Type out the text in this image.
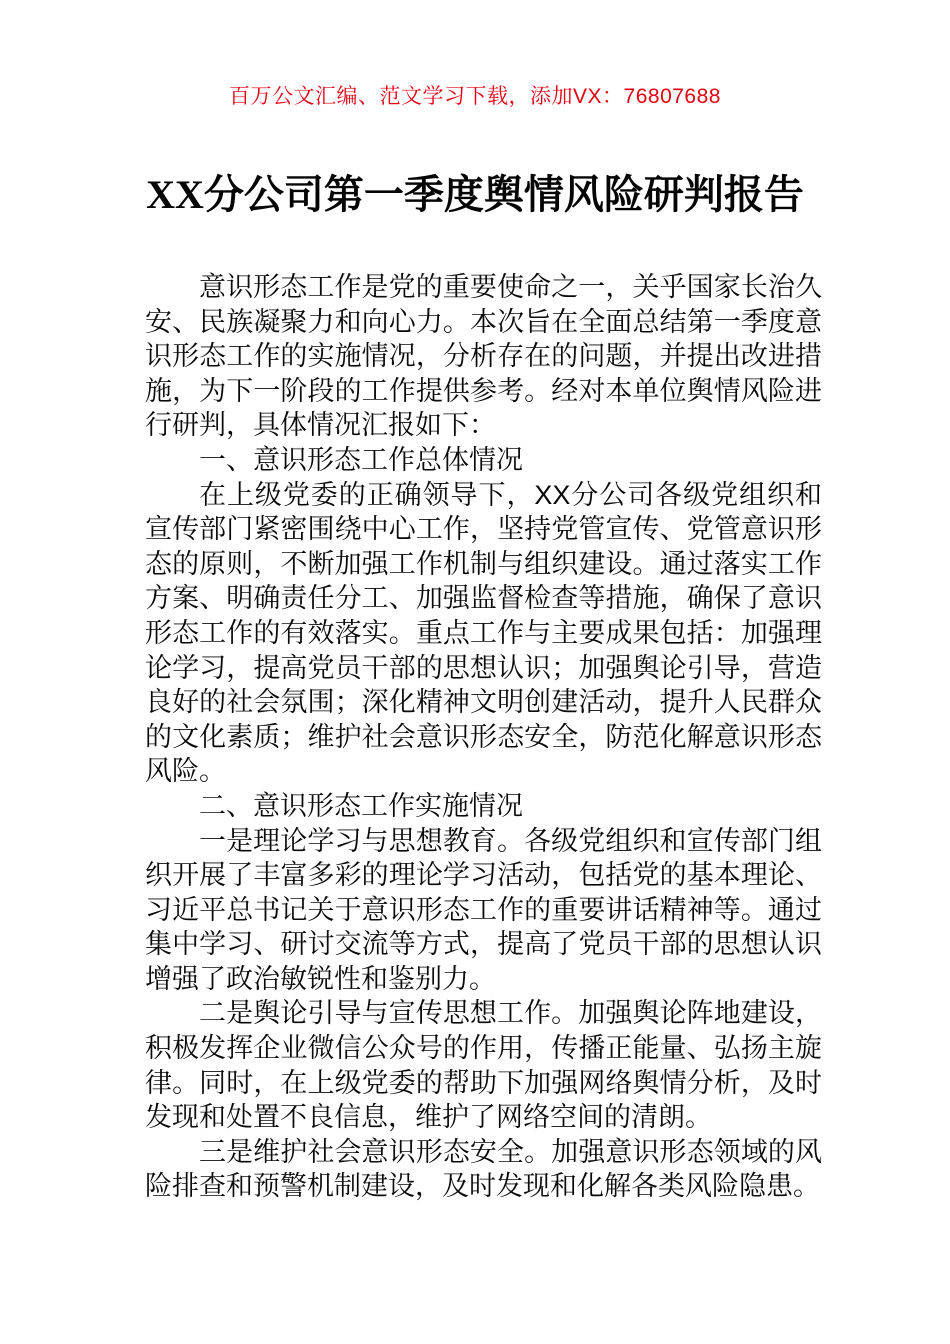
百万公文汇编、范文学习下载，添加VX：76807688
XX分公司第一季度舆情风险研判报告

意识形态工作是党的重要使命之一，关乎国家长治久安、民族凝聚力和向心力。本次旨在全面总结第一季度意识形态工作的实施情况，分析存在的问题，并提出改进措施，为下一阶段的工作提供参考。经对本单位舆情风险进行研判，具体情况汇报如下：

一、意识形态工作总体情况

在上级党委的正确领导下，XX分公司各级党组织和宣传部门紧密围绕中心工作，坚持党管宣传、党管意识形态的原则，不断加强工作机制与组织建设。通过落实工作方案、明确责任分工、加强监督检查等措施，确保了意识形态工作的有效落实。重点工作与主要成果包括：加强理论学习，提高党员干部的思想认识；加强舆论引导，营造良好的社会氛围；深化精神文明创建活动，提升人民群众的文化素质；维护社会意识形态安全，防范化解意识形态风险。

二、意识形态工作实施情况

一是理论学习与思想教育。各级党组织和宣传部门组织开展了丰富多彩的理论学习活动，包括党的基本理论、习近平总书记关于意识形态工作的重要讲话精神等。通过集中学习、研讨交流等方式，提高了党员干部的思想认识增强了政治敏锐性和鉴别力。

二是舆论引导与宣传思想工作。加强舆论阵地建设，积极发挥企业微信公众号的作用，传播正能量、弘扬主旋律。同时，在上级党委的帮助下加强网络舆情分析，及时发现和处置不良信息，维护了网络空间的清朗。

三是维护社会意识形态安全。加强意识形态领域的风险排查和预警机制建设，及时发现和化解各类风险隐患。
